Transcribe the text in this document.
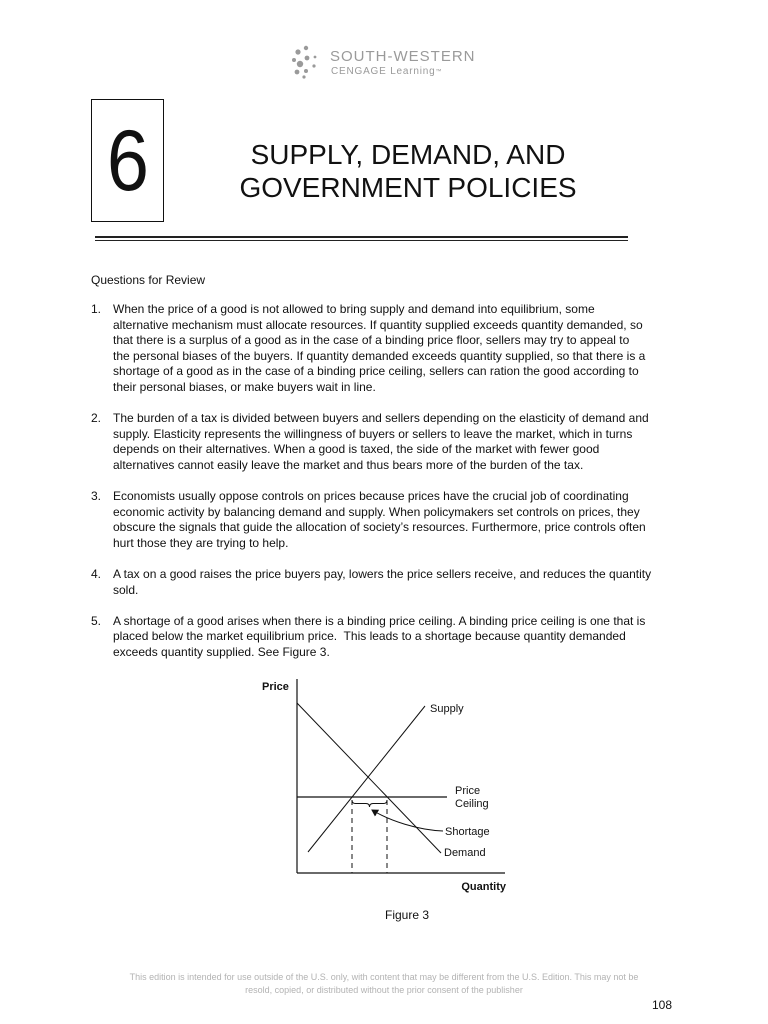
SOUTH-WESTERN
CENGAGE Learning™
6	SUPPLY, DEMAND, AND
GOVERNMENT POLICIES
Questions for Review
1. When the price of a good is not allowed to bring supply and demand into equilibrium, some
alternative mechanism must allocate resources. If quantity supplied exceeds quantity demanded, so
that there is a surplus of a good as in the case of a binding price floor, sellers may try to appeal to
the personal biases of the buyers. If quantity demanded exceeds quantity supplied, so that there is a
shortage of a good as in the case of a binding price ceiling, sellers can ration the good according to
their personal biases, or make buyers wait in line.
2. The burden of a tax is divided between buyers and sellers depending on the elasticity of demand and
supply. Elasticity represents the willingness of buyers or sellers to leave the market, which in turns
depends on their alternatives. When a good is taxed, the side of the market with fewer good
alternatives cannot easily leave the market and thus bears more of the burden of the tax.
3. Economists usually oppose controls on prices because prices have the crucial job of coordinating
economic activity by balancing demand and supply. When policymakers set controls on prices, they
obscure the signals that guide the allocation of society’s resources. Furthermore, price controls often
hurt those they are trying to help.
4. A tax on a good raises the price buyers pay, lowers the price sellers receive, and reduces the quantity
sold.
5. A shortage of a good arises when there is a binding price ceiling. A binding price ceiling is one that is
placed below the market equilibrium price.  This leads to a shortage because quantity demanded
exceeds quantity supplied. See Figure 3.
Price
Supply
Price
Ceiling
Shortage
Demand
Quantity
Figure 3
This edition is intended for use outside of the U.S. only, with content that may be different from the U.S. Edition. This may not be
resold, copied, or distributed without the prior consent of the publisher
108
